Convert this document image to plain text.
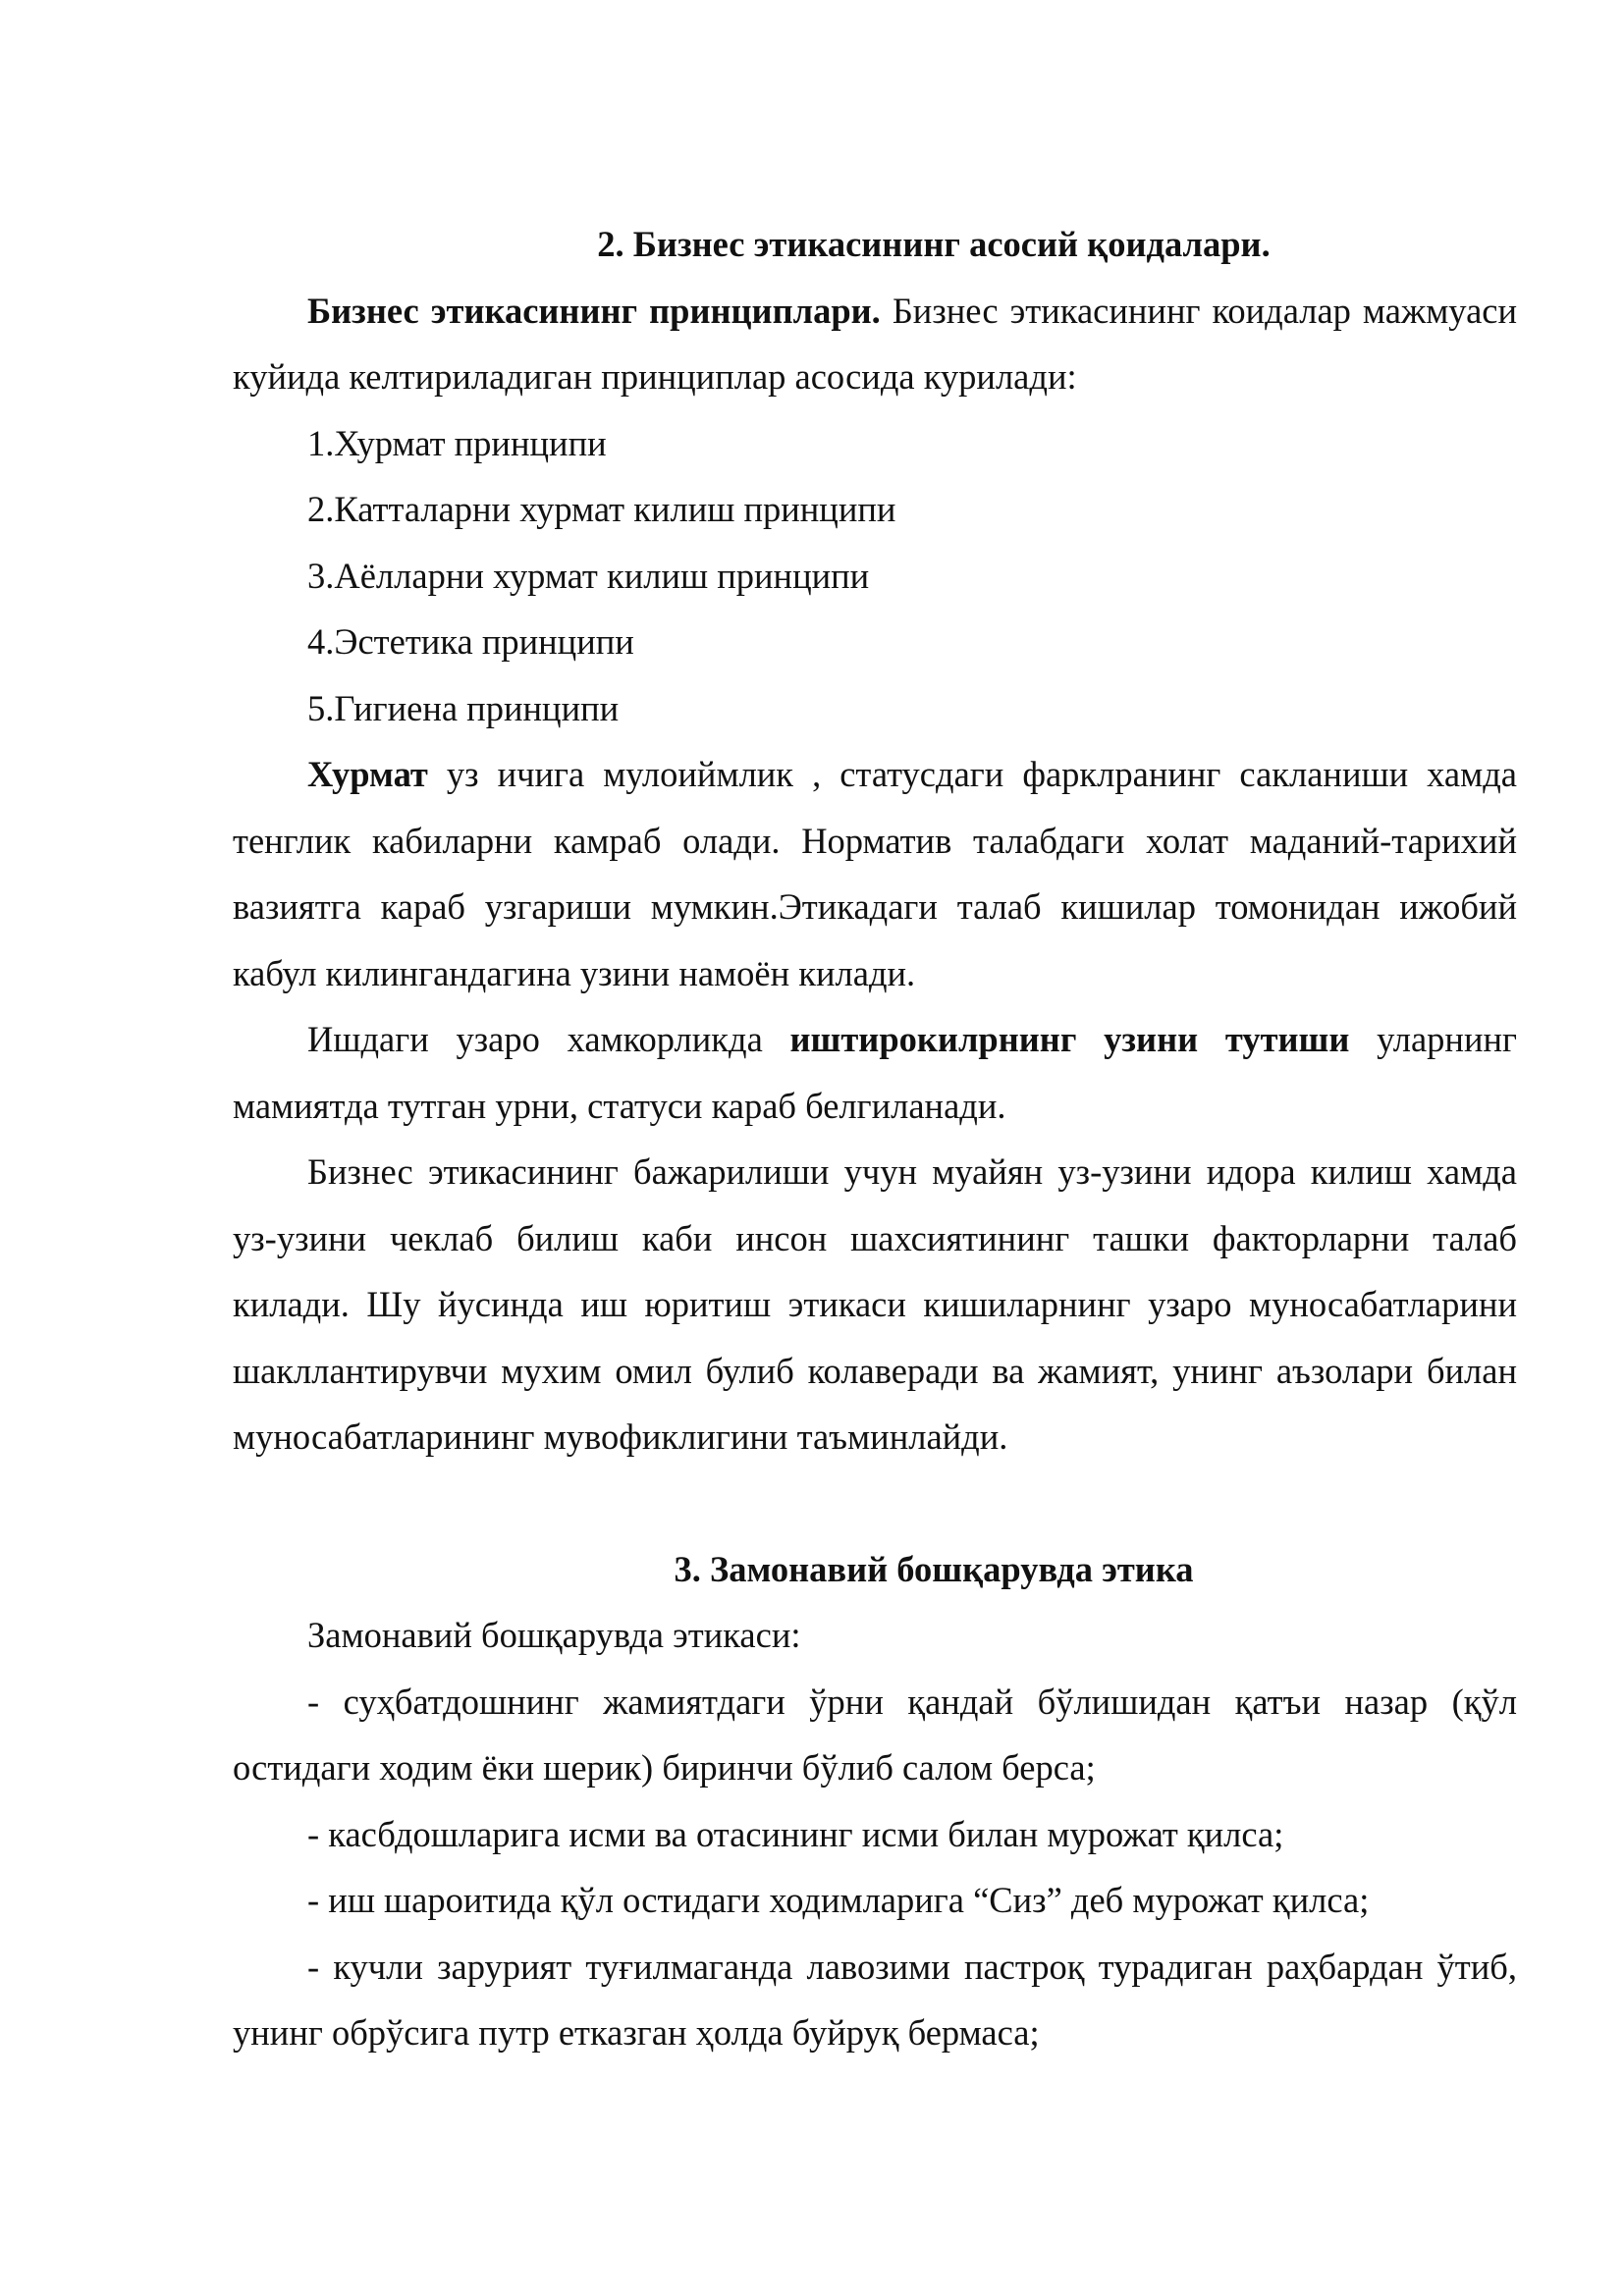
2. Бизнес этикасининг асосий қоидалари.

Бизнес этикасининг принциплари. Бизнес этикасининг коидалар мажмуаси куйида келтириладиган принциплар асосида курилади:

1.Хурмат принципи

2.Катталарни хурмат килиш принципи

3.Аёлларни хурмат килиш принципи

4.Эстетика принципи

5.Гигиена принципи

Хурмат уз ичига мулоиймлик , статусдаги фарклранинг сакланиши хамда тенглик кабиларни камраб олади. Норматив талабдаги холат маданий-тарихий вазиятга караб узгариши мумкин.Этикадаги талаб кишилар томонидан ижобий кабул килингандагина узини намоён килади.

Ишдаги узаро хамкорликда иштирокилрнинг узини тутиши уларнинг мамиятда тутган урни, статуси караб белгиланади.

Бизнес этикасининг бажарилиши учун муайян уз-узини идора килиш хамда уз-узини чеклаб билиш каби инсон шахсиятининг ташки факторларни талаб килади. Шу йусинда иш юритиш этикаси кишиларнинг узаро муносабатларини шакллантирувчи мухим омил булиб колаверади ва жамият, унинг аъзолари билан муносабатларининг мувофиклигини таъминлайди.

3. Замонавий бошқарувда этика

Замонавий бошқарувда этикаси:

- суҳбатдошнинг жамиятдаги ўрни қандай бўлишидан қатъи назар (қўл остидаги ходим ёки шерик) биринчи бўлиб салом берса;

- касбдошларига исми ва отасининг исми билан мурожат қилса;

- иш шароитида қўл остидаги ходимларига “Сиз” деб мурожат қилса;

- кучли зарурият туғилмаганда лавозими пастроқ турадиган раҳбардан ўтиб, унинг обрўсига путр етказган ҳолда буйруқ бермаса;
